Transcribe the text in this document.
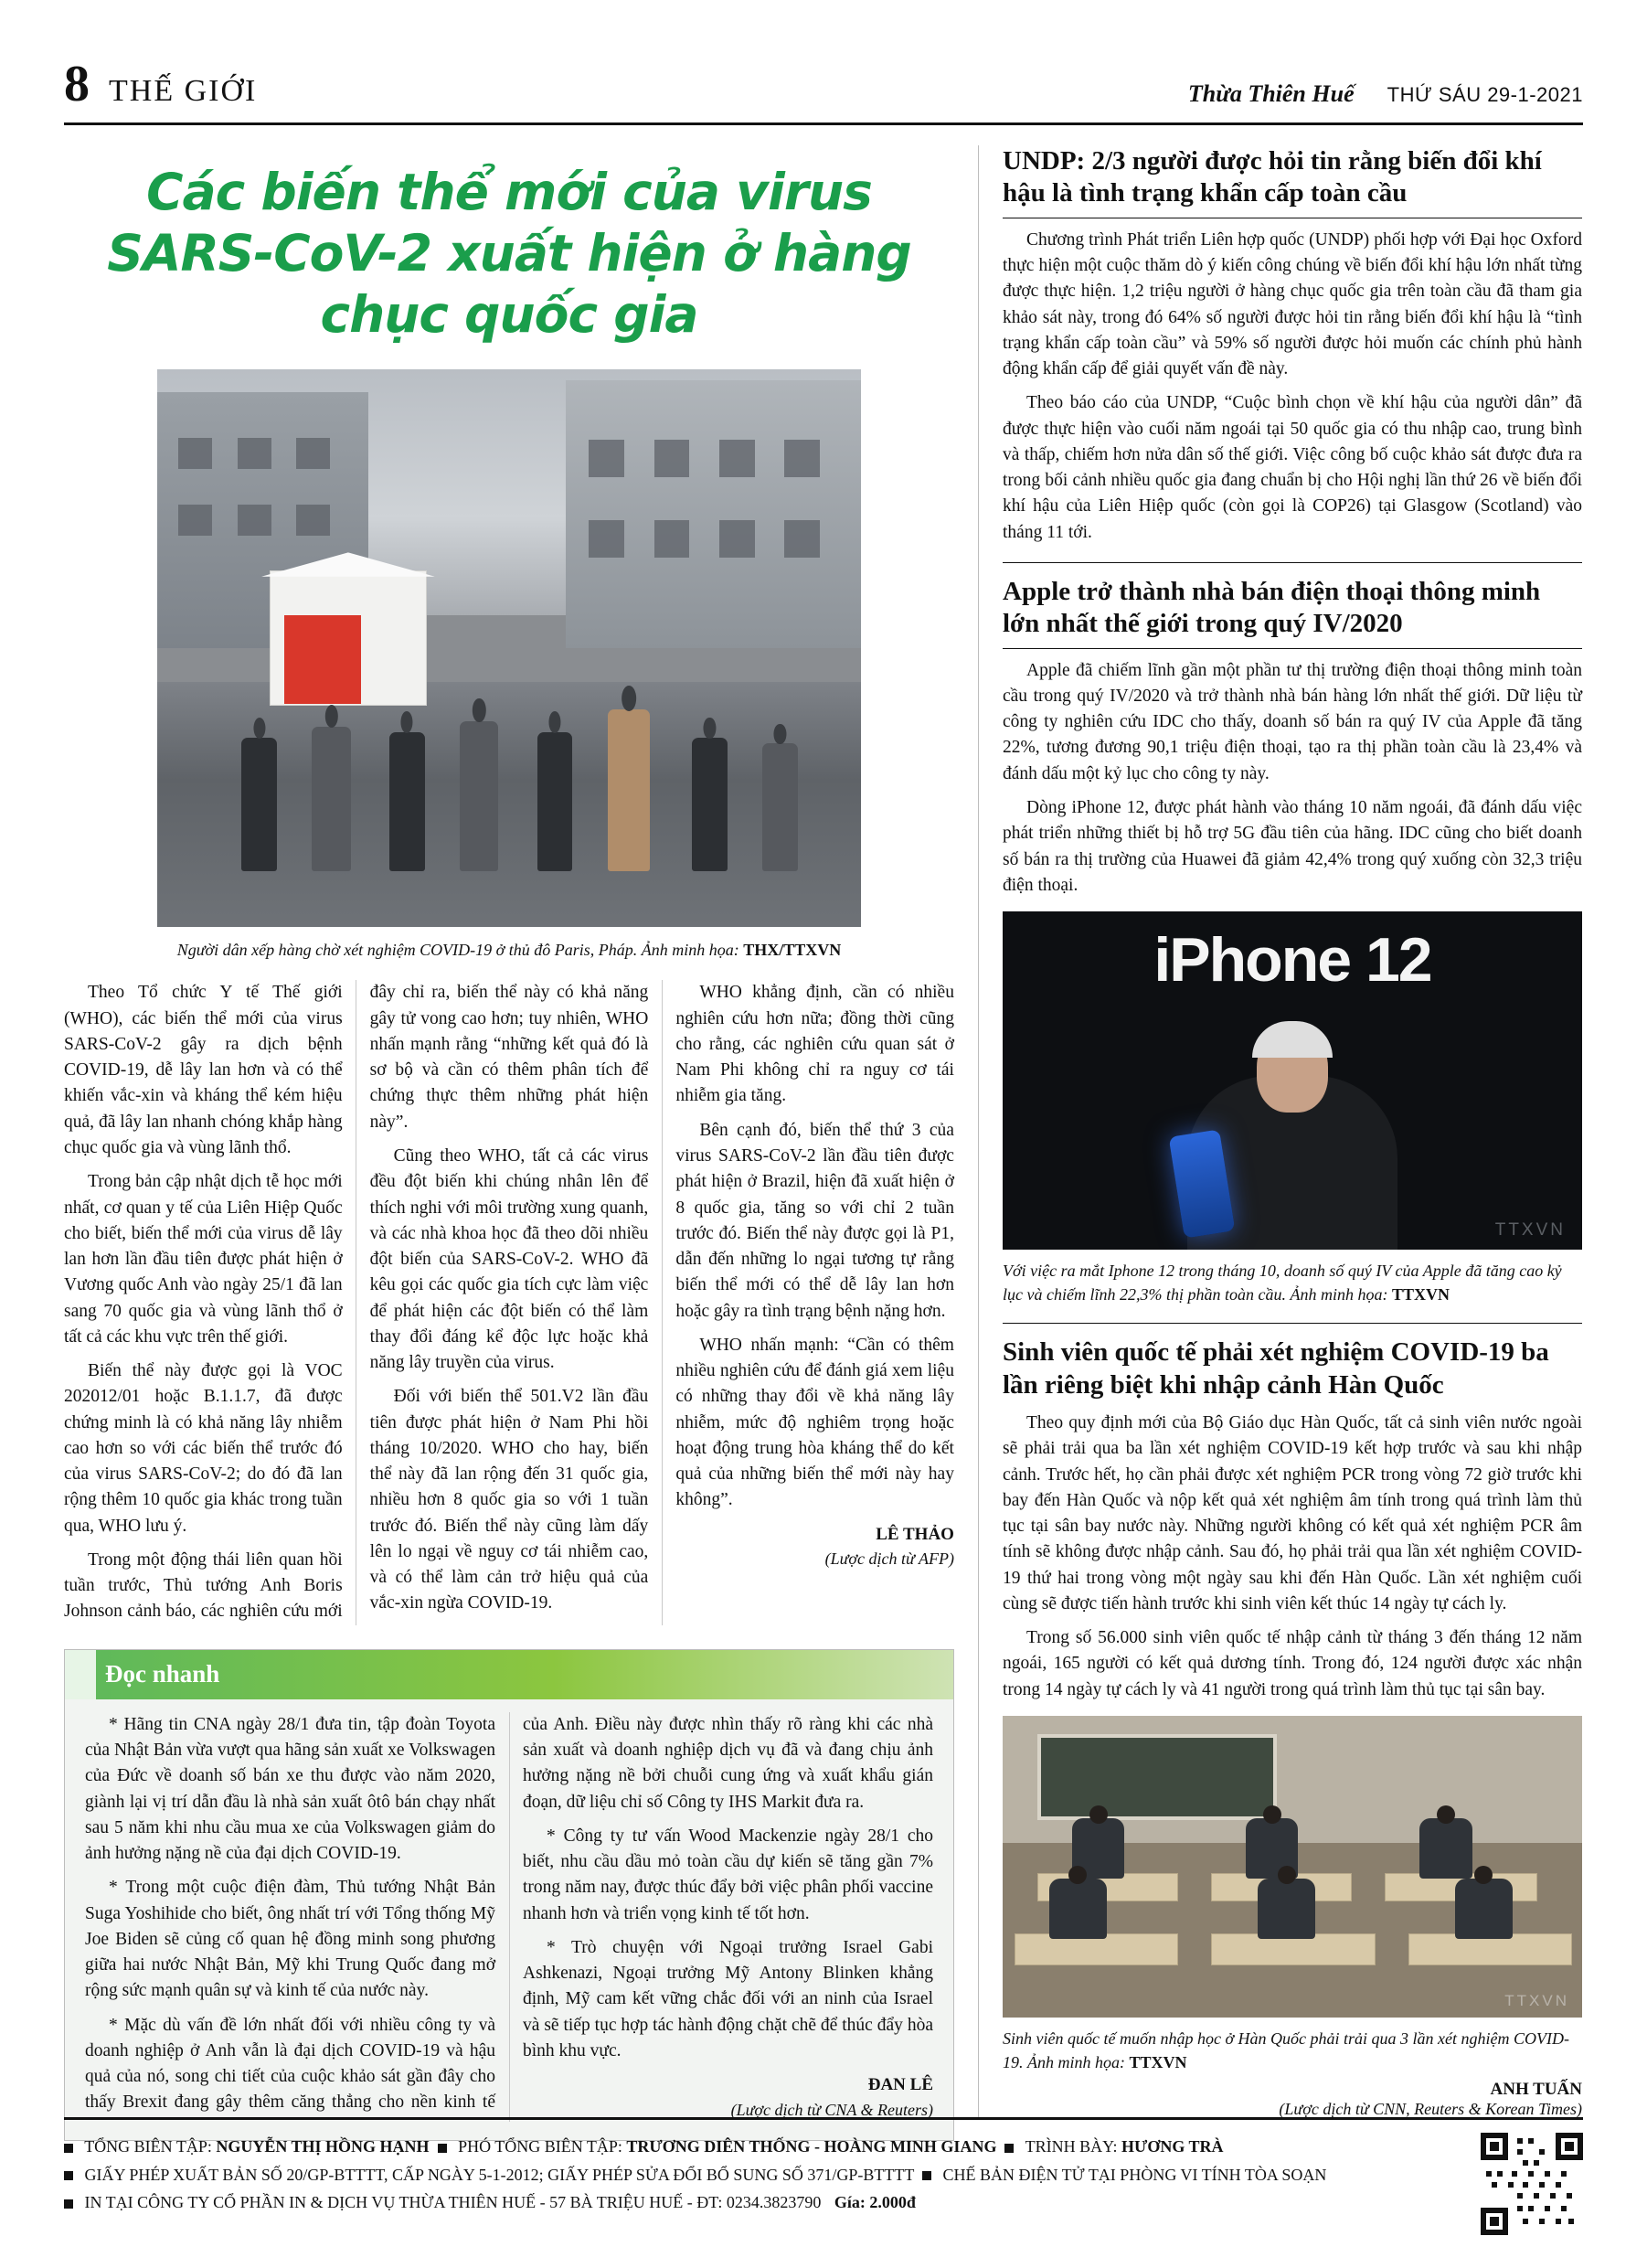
8 THẾ GIỚI	Thừa Thiên Huế THỨ SÁU 29-1-2021
Các biến thể mới của virus SARS-CoV-2 xuất hiện ở hàng chục quốc gia
Người dân xếp hàng chờ xét nghiệm COVID-19 ở thủ đô Paris, Pháp. Ảnh minh họa: THX/TTXVN

Theo Tổ chức Y tế Thế giới (WHO), các biến thể mới của virus SARS-CoV-2 gây ra dịch bệnh COVID-19, dễ lây lan hơn và có thể khiến vắc-xin và kháng thể kém hiệu quả, đã lây lan nhanh chóng khắp hàng chục quốc gia và vùng lãnh thổ.

Trong bản cập nhật dịch tễ học mới nhất, cơ quan y tế của Liên Hiệp Quốc cho biết, biến thể mới của virus dễ lây lan hơn lần đầu tiên được phát hiện ở Vương quốc Anh vào ngày 25/1 đã lan sang 70 quốc gia và vùng lãnh thổ ở tất cả các khu vực trên thế giới.

Biến thể này được gọi là VOC 202012/01 hoặc B.1.1.7, đã được chứng minh là có khả năng lây nhiễm cao hơn so với các biến thể trước đó của virus SARS-CoV-2; do đó đã lan rộng thêm 10 quốc gia khác trong tuần qua, WHO lưu ý.

Trong một động thái liên quan hồi tuần trước, Thủ tướng Anh Boris Johnson cảnh báo, các nghiên cứu mới đây chỉ ra, biến thể này có khả năng gây tử vong cao hơn; tuy nhiên, WHO nhấn mạnh rằng “những kết quả đó là sơ bộ và cần có thêm phân tích để chứng thực thêm những phát hiện này”.

Cũng theo WHO, tất cả các virus đều đột biến khi chúng nhân lên để thích nghi với môi trường xung quanh, và các nhà khoa học đã theo dõi nhiều đột biến của SARS-CoV-2. WHO đã kêu gọi các quốc gia tích cực làm việc để phát hiện các đột biến có thể làm thay đổi đáng kể độc lực hoặc khả năng lây truyền của virus.

Đối với biến thể 501.V2 lần đầu tiên được phát hiện ở Nam Phi hồi tháng 10/2020. WHO cho hay, biến thể này đã lan rộng đến 31 quốc gia, nhiều hơn 8 quốc gia so với 1 tuần trước đó. Biến thể này cũng làm dấy lên lo ngại về nguy cơ tái nhiễm cao, và có thể làm cản trở hiệu quả của vắc-xin ngừa COVID-19.

WHO khẳng định, cần có nhiều nghiên cứu hơn nữa; đồng thời cũng cho rằng, các nghiên cứu quan sát ở Nam Phi không chỉ ra nguy cơ tái nhiễm gia tăng.

Bên cạnh đó, biến thể thứ 3 của virus SARS-CoV-2 lần đầu tiên được phát hiện ở Brazil, hiện đã xuất hiện ở 8 quốc gia, tăng so với chỉ 2 tuần trước đó. Biến thể này được gọi là P1, dẫn đến những lo ngại tương tự rằng biến thể mới có thể dễ lây lan hơn hoặc gây ra tình trạng bệnh nặng hơn.

WHO nhấn mạnh: “Cần có thêm nhiều nghiên cứu để đánh giá xem liệu có những thay đổi về khả năng lây nhiễm, mức độ nghiêm trọng hoặc hoạt động trung hòa kháng thể do kết quả của những biến thể mới này hay không”.

LÊ THẢO
(Lược dịch từ AFP)
Đọc nhanh

* Hãng tin CNA ngày 28/1 đưa tin, tập đoàn Toyota của Nhật Bản vừa vượt qua hãng sản xuất xe Volkswagen của Đức về doanh số bán xe thu được vào năm 2020, giành lại vị trí dẫn đầu là nhà sản xuất ôtô bán chạy nhất sau 5 năm khi nhu cầu mua xe của Volkswagen giảm do ảnh hưởng nặng nề của đại dịch COVID-19.

* Trong một cuộc điện đàm, Thủ tướng Nhật Bản Suga Yoshihide cho biết, ông nhất trí với Tổng thống Mỹ Joe Biden sẽ củng cố quan hệ đồng minh song phương giữa hai nước Nhật Bản, Mỹ khi Trung Quốc đang mở rộng sức mạnh quân sự và kinh tế của nước này.

* Mặc dù vấn đề lớn nhất đối với nhiều công ty và doanh nghiệp ở Anh vẫn là đại dịch COVID-19 và hậu quả của nó, song chi tiết của cuộc khảo sát gần đây cho thấy Brexit đang gây thêm căng thẳng cho nền kinh tế của Anh. Điều này được nhìn thấy rõ ràng khi các nhà sản xuất và doanh nghiệp dịch vụ đã và đang chịu ảnh hưởng nặng nề bởi chuỗi cung ứng và xuất khẩu gián đoạn, dữ liệu chỉ số Công ty IHS Markit đưa ra.

* Công ty tư vấn Wood Mackenzie ngày 28/1 cho biết, nhu cầu dầu mỏ toàn cầu dự kiến sẽ tăng gần 7% trong năm nay, được thúc đẩy bởi việc phân phối vaccine nhanh hơn và triển vọng kinh tế tốt hơn.

* Trò chuyện với Ngoại trưởng Israel Gabi Ashkenazi, Ngoại trưởng Mỹ Antony Blinken khẳng định, Mỹ cam kết vững chắc đối với an ninh của Israel và sẽ tiếp tục hợp tác hành động chặt chẽ để thúc đẩy hòa bình khu vực.

ĐAN LÊ
(Lược dịch từ CNA & Reuters)
UNDP: 2/3 người được hỏi tin rằng biến đổi khí hậu là tình trạng khẩn cấp toàn cầu

Chương trình Phát triển Liên hợp quốc (UNDP) phối hợp với Đại học Oxford thực hiện một cuộc thăm dò ý kiến công chúng về biến đổi khí hậu lớn nhất từng được thực hiện. 1,2 triệu người ở hàng chục quốc gia trên toàn cầu đã tham gia khảo sát này, trong đó 64% số người được hỏi tin rằng biến đổi khí hậu là “tình trạng khẩn cấp toàn cầu” và 59% số người được hỏi muốn các chính phủ hành động khẩn cấp để giải quyết vấn đề này.

Theo báo cáo của UNDP, “Cuộc bình chọn về khí hậu của người dân” đã được thực hiện vào cuối năm ngoái tại 50 quốc gia có thu nhập cao, trung bình và thấp, chiếm hơn nửa dân số thế giới. Việc công bố cuộc khảo sát được đưa ra trong bối cảnh nhiều quốc gia đang chuẩn bị cho Hội nghị lần thứ 26 về biến đổi khí hậu của Liên Hiệp quốc (còn gọi là COP26) tại Glasgow (Scotland) vào tháng 11 tới.

Apple trở thành nhà bán điện thoại thông minh lớn nhất thế giới trong quý IV/2020

Apple đã chiếm lĩnh gần một phần tư thị trường điện thoại thông minh toàn cầu trong quý IV/2020 và trở thành nhà bán hàng lớn nhất thế giới. Dữ liệu từ công ty nghiên cứu IDC cho thấy, doanh số bán ra quý IV của Apple đã tăng 22%, tương đương 90,1 triệu điện thoại, tạo ra thị phần toàn cầu là 23,4% và đánh dấu một kỷ lục cho công ty này.

Dòng iPhone 12, được phát hành vào tháng 10 năm ngoái, đã đánh dấu việc phát triển những thiết bị hỗ trợ 5G đầu tiên của hãng. IDC cũng cho biết doanh số bán ra thị trường của Huawei đã giảm 42,4% trong quý xuống còn 32,3 triệu điện thoại.

iPhone 12
TTXVN
Với việc ra mắt Iphone 12 trong tháng 10, doanh số quý IV của Apple đã tăng cao kỷ lục và chiếm lĩnh 22,3% thị phần toàn cầu. Ảnh minh họa: TTXVN
Sinh viên quốc tế phải xét nghiệm COVID-19 ba lần riêng biệt khi nhập cảnh Hàn Quốc

Theo quy định mới của Bộ Giáo dục Hàn Quốc, tất cả sinh viên nước ngoài sẽ phải trải qua ba lần xét nghiệm COVID-19 kết hợp trước và sau khi nhập cảnh. Trước hết, họ cần phải được xét nghiệm PCR trong vòng 72 giờ trước khi bay đến Hàn Quốc và nộp kết quả xét nghiệm âm tính trong quá trình làm thủ tục tại sân bay nước này. Những người không có kết quả xét nghiệm PCR âm tính sẽ không được nhập cảnh. Sau đó, họ phải trải qua lần xét nghiệm COVID-19 thứ hai trong vòng một ngày sau khi đến Hàn Quốc. Lần xét nghiệm cuối cùng sẽ được tiến hành trước khi sinh viên kết thúc 14 ngày tự cách ly.

Trong số 56.000 sinh viên quốc tế nhập cảnh từ tháng 3 đến tháng 12 năm ngoái, 165 người có kết quả dương tính. Trong đó, 124 người được xác nhận trong 14 ngày tự cách ly và 41 người trong quá trình làm thủ tục tại sân bay.

TTXVN
Sinh viên quốc tế muốn nhập học ở Hàn Quốc phải trải qua 3 lần xét nghiệm COVID-19. Ảnh minh họa: TTXVN
ANH TUẤN
(Lược dịch từ CNN, Reuters & Korean Times)
TỔNG BIÊN TẬP: NGUYỄN THỊ HỒNG HẠNH PHÓ TỔNG BIÊN TẬP: TRƯƠNG DIÊN THỐNG - HOÀNG MINH GIANG TRÌNH BÀY: HƯƠNG TRÀ
GIẤY PHÉP XUẤT BẢN SỐ 20/GP-BTTTT, CẤP NGÀY 5-1-2012; GIẤY PHÉP SỬA ĐỔI BỔ SUNG SỐ 371/GP-BTTTT CHẾ BẢN ĐIỆN TỬ TẠI PHÒNG VI TÍNH TÒA SOẠN
IN TẠI CÔNG TY CỔ PHẦN IN & DỊCH VỤ THỪA THIÊN HUẾ - 57 BÀ TRIỆU HUẾ - ĐT: 0234.3823790 Gía: 2.000đ
